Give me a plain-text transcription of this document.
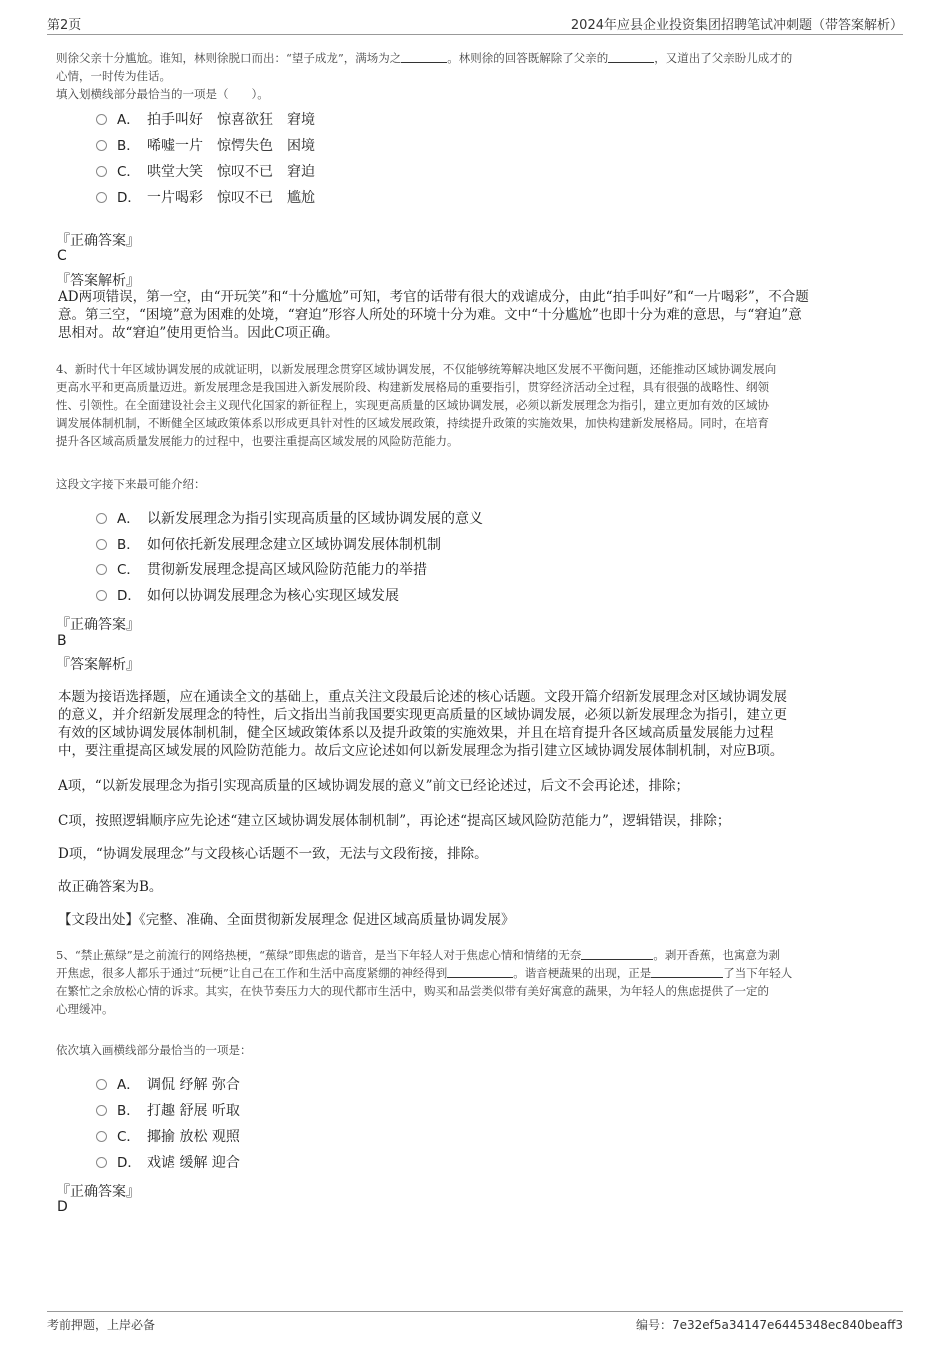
第2页	2024年应县企业投资集团招聘笔试冲刺题（带答案解析）
则徐父亲十分尴尬。谁知，林则徐脱口而出：“望子成龙”，满场为之	。林则徐的回答既解除了父亲的	，又道出了父亲盼儿成才的
心情，一时传为佳话。
填入划横线部分最恰当的一项是（　　）。
A． 拍手叫好　惊喜欲狂　窘境
B． 唏嘘一片　惊愕失色　困境
C． 哄堂大笑　惊叹不已　窘迫
D． 一片喝彩　惊叹不已　尴尬
『正确答案』
C
『答案解析』
AD两项错误，第一空，由“开玩笑”和“十分尴尬”可知，考官的话带有很大的戏谑成分，由此“拍手叫好”和“一片喝彩”，不合题
意。第三空，“困境”意为困难的处境，“窘迫”形容人所处的环境十分为难。文中“十分尴尬”也即十分为难的意思，与“窘迫”意
思相对。故“窘迫”使用更恰当。因此C项正确。
4、新时代十年区域协调发展的成就证明，以新发展理念贯穿区域协调发展，不仅能够统筹解决地区发展不平衡问题，还能推动区域协调发展向
更高水平和更高质量迈进。新发展理念是我国进入新发展阶段、构建新发展格局的重要指引，贯穿经济活动全过程，具有很强的战略性、纲领
性、引领性。在全面建设社会主义现代化国家的新征程上，实现更高质量的区域协调发展，必须以新发展理念为指引，建立更加有效的区域协
调发展体制机制，不断健全区域政策体系以形成更具针对性的区域发展政策，持续提升政策的实施效果，加快构建新发展格局。同时，在培育
提升各区域高质量发展能力的过程中，也要注重提高区域发展的风险防范能力。
这段文字接下来最可能介绍：
A． 以新发展理念为指引实现高质量的区域协调发展的意义
B． 如何依托新发展理念建立区域协调发展体制机制
C． 贯彻新发展理念提高区域风险防范能力的举措
D． 如何以协调发展理念为核心实现区域发展
『正确答案』
B
『答案解析』
本题为接语选择题，应在通读全文的基础上，重点关注文段最后论述的核心话题。文段开篇介绍新发展理念对区域协调发展
的意义，并介绍新发展理念的特性，后文指出当前我国要实现更高质量的区域协调发展，必须以新发展理念为指引，建立更
有效的区域协调发展体制机制，健全区域政策体系以及提升政策的实施效果，并且在培育提升各区域高质量发展能力过程
中，要注重提高区域发展的风险防范能力。故后文应论述如何以新发展理念为指引建立区域协调发展体制机制，对应B项。
A项，“以新发展理念为指引实现高质量的区域协调发展的意义”前文已经论述过，后文不会再论述，排除；
C项，按照逻辑顺序应先论述“建立区域协调发展体制机制”，再论述“提高区域风险防范能力”，逻辑错误，排除；
D项，“协调发展理念”与文段核心话题不一致，无法与文段衔接，排除。
故正确答案为B。
【文段出处】《完整、准确、全面贯彻新发展理念 促进区域高质量协调发展》
5、“禁止蕉绿”是之前流行的网络热梗，“蕉绿”即焦虑的谐音，是当下年轻人对于焦虑心情和情绪的无奈	。剥开香蕉，也寓意为剥
开焦虑，很多人都乐于通过“玩梗”让自己在工作和生活中高度紧绷的神经得到	。谐音梗蔬果的出现，正是	了当下年轻人
在繁忙之余放松心情的诉求。其实，在快节奏压力大的现代都市生活中，购买和品尝类似带有美好寓意的蔬果，为年轻人的焦虑提供了一定的
心理缓冲。
依次填入画横线部分最恰当的一项是：
A． 调侃 纾解 弥合
B． 打趣 舒展 听取
C． 揶揄 放松 观照
D． 戏谑 缓解 迎合
『正确答案』
D
考前押题，上岸必备	编号：7e32ef5a34147e6445348ec840beaff3
